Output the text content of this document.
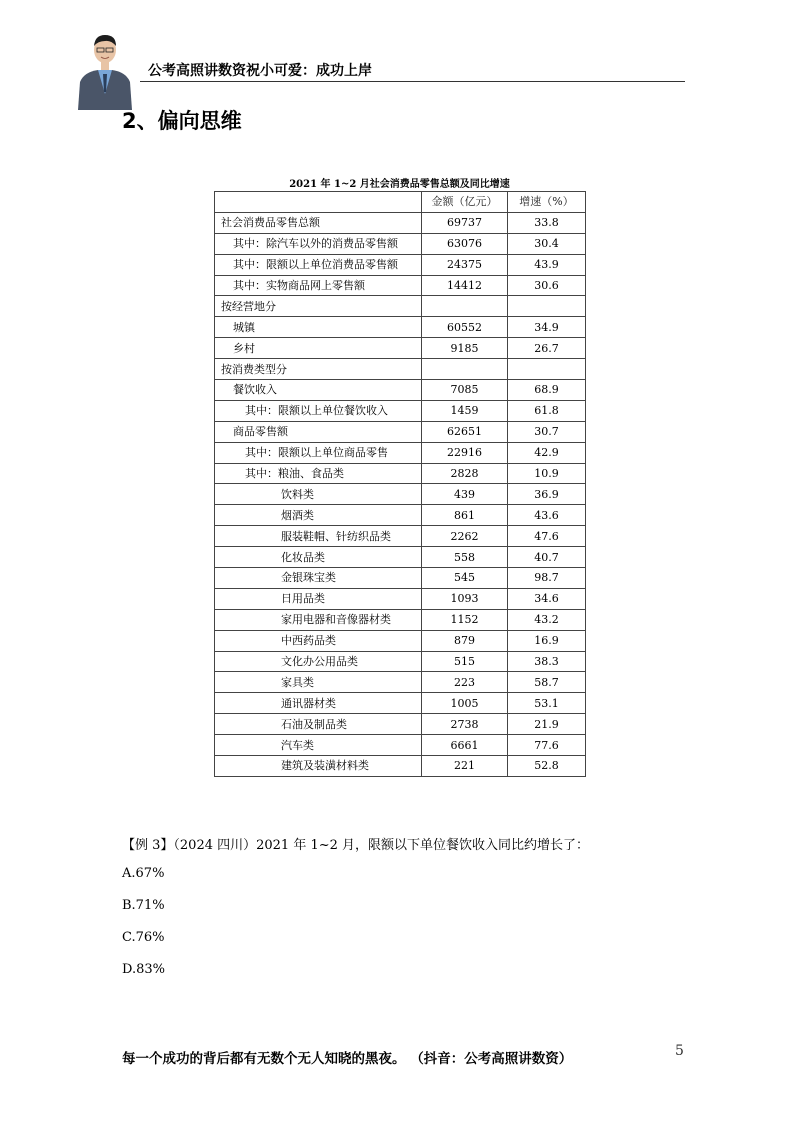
公考高照讲数资祝小可爱：成功上岸
2、偏向思维
2021 年 1~2 月社会消费品零售总额及同比增速
	金额（亿元）	增速（%）
社会消费品零售总额	69737	33.8
其中：除汽车以外的消费品零售额	63076	30.4
其中：限额以上单位消费品零售额	24375	43.9
其中：实物商品网上零售额	14412	30.6
按经营地分		
城镇	60552	34.9
乡村	9185	26.7
按消费类型分		
餐饮收入	7085	68.9
其中：限额以上单位餐饮收入	1459	61.8
商品零售额	62651	30.7
其中：限额以上单位商品零售	22916	42.9
其中：粮油、食品类	2828	10.9
饮料类	439	36.9
烟酒类	861	43.6
服装鞋帽、针纺织品类	2262	47.6
化妆品类	558	40.7
金银珠宝类	545	98.7
日用品类	1093	34.6
家用电器和音像器材类	1152	43.2
中西药品类	879	16.9
文化办公用品类	515	38.3
家具类	223	58.7
通讯器材类	1005	53.1
石油及制品类	2738	21.9
汽车类	6661	77.6
建筑及装潢材料类	221	52.8
【例 3】（2024 四川）2021 年 1~2 月，限额以下单位餐饮收入同比约增长了：
A.67%
B.71%
C.76%
D.83%
每一个成功的背后都有无数个无人知晓的黑夜。 （抖音：公考高照讲数资）	5
